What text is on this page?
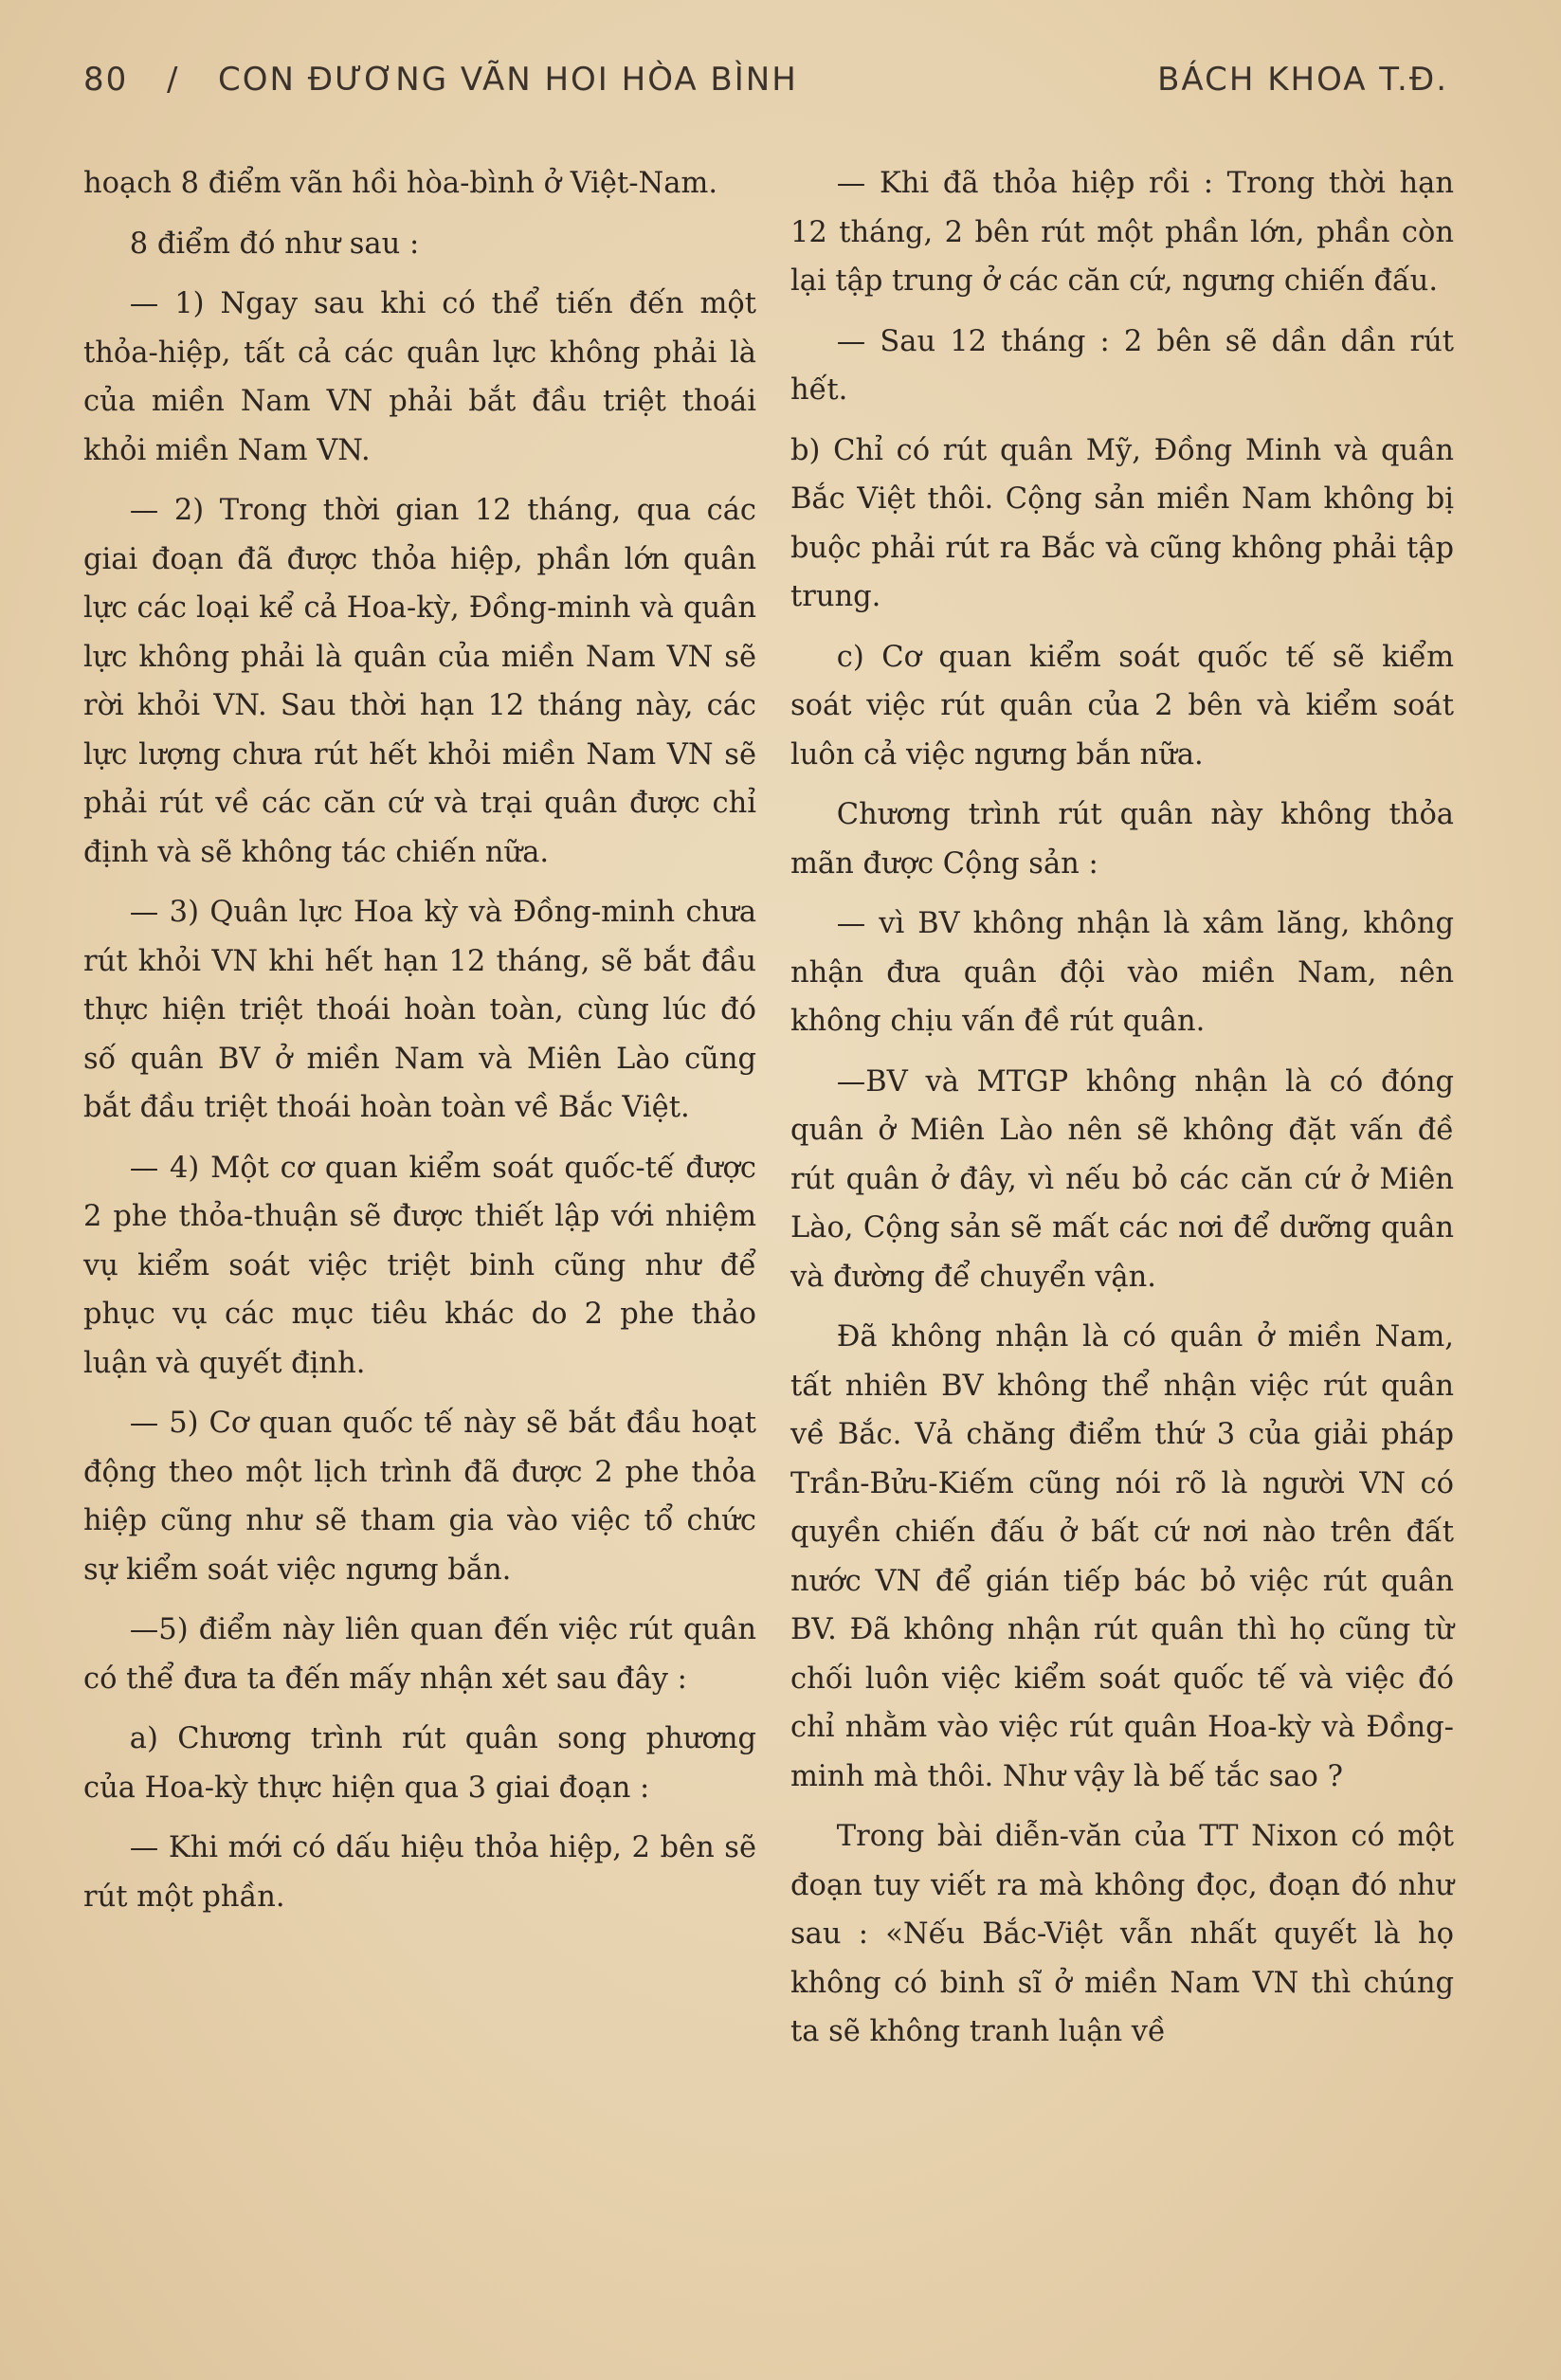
80 / CON ĐƯƠNG VÃN HOI HÒA BÌNH	BÁCH KHOA T.Đ.

hoạch 8 điểm vãn hồi hòa-bình ở Việt-Nam.

8 điểm đó như sau :

— 1) Ngay sau khi có thể tiến đến một thỏa-hiệp, tất cả các quân lực không phải là của miền Nam VN phải bắt đầu triệt thoái khỏi miền Nam VN.

— 2) Trong thời gian 12 tháng, qua các giai đoạn đã được thỏa hiệp, phần lớn quân lực các loại kể cả Hoa-kỳ, Đồng-minh và quân lực không phải là quân của miền Nam VN sẽ rời khỏi VN. Sau thời hạn 12 tháng này, các lực lượng chưa rút hết khỏi miền Nam VN sẽ phải rút về các căn cứ và trại quân được chỉ định và sẽ không tác chiến nữa.

— 3) Quân lực Hoa kỳ và Đồng-minh chưa rút khỏi VN khi hết hạn 12 tháng, sẽ bắt đầu thực hiện triệt thoái hoàn toàn, cùng lúc đó số quân BV ở miền Nam và Miên Lào cũng bắt đầu triệt thoái hoàn toàn về Bắc Việt.

— 4) Một cơ quan kiểm soát quốc-tế được 2 phe thỏa-thuận sẽ được thiết lập với nhiệm vụ kiểm soát việc triệt binh cũng như để phục vụ các mục tiêu khác do 2 phe thảo luận và quyết định.

— 5) Cơ quan quốc tế này sẽ bắt đầu hoạt động theo một lịch trình đã được 2 phe thỏa hiệp cũng như sẽ tham gia vào việc tổ chức sự kiểm soát việc ngưng bắn.

—5) điểm này liên quan đến việc rút quân có thể đưa ta đến mấy nhận xét sau đây :

a) Chương trình rút quân song phương của Hoa-kỳ thực hiện qua 3 giai đoạn :

— Khi mới có dấu hiệu thỏa hiệp, 2 bên sẽ rút một phần.

— Khi đã thỏa hiệp rồi : Trong thời hạn 12 tháng, 2 bên rút một phần lớn, phần còn lại tập trung ở các căn cứ, ngưng chiến đấu.

— Sau 12 tháng : 2 bên sẽ dần dần rút hết.

b) Chỉ có rút quân Mỹ, Đồng Minh và quân Bắc Việt thôi. Cộng sản miền Nam không bị buộc phải rút ra Bắc và cũng không phải tập trung.

c) Cơ quan kiểm soát quốc tế sẽ kiểm soát việc rút quân của 2 bên và kiểm soát luôn cả việc ngưng bắn nữa.

Chương trình rút quân này không thỏa mãn được Cộng sản :

— vì BV không nhận là xâm lăng, không nhận đưa quân đội vào miền Nam, nên không chịu vấn đề rút quân.

—BV và MTGP không nhận là có đóng quân ở Miên Lào nên sẽ không đặt vấn đề rút quân ở đây, vì nếu bỏ các căn cứ ở Miên Lào, Cộng sản sẽ mất các nơi để dưỡng quân và đường để chuyển vận.

Đã không nhận là có quân ở miền Nam, tất nhiên BV không thể nhận việc rút quân về Bắc. Vả chăng điểm thứ 3 của giải pháp Trần-Bửu-Kiếm cũng nói rõ là người VN có quyền chiến đấu ở bất cứ nơi nào trên đất nước VN để gián tiếp bác bỏ việc rút quân BV. Đã không nhận rút quân thì họ cũng từ chối luôn việc kiểm soát quốc tế và việc đó chỉ nhằm vào việc rút quân Hoa-kỳ và Đồng-minh mà thôi. Như vậy là bế tắc sao ?

Trong bài diễn-văn của TT Nixon có một đoạn tuy viết ra mà không đọc, đoạn đó như sau : «Nếu Bắc-Việt vẫn nhất quyết là họ không có binh sĩ ở miền Nam VN thì chúng ta sẽ không tranh luận về
